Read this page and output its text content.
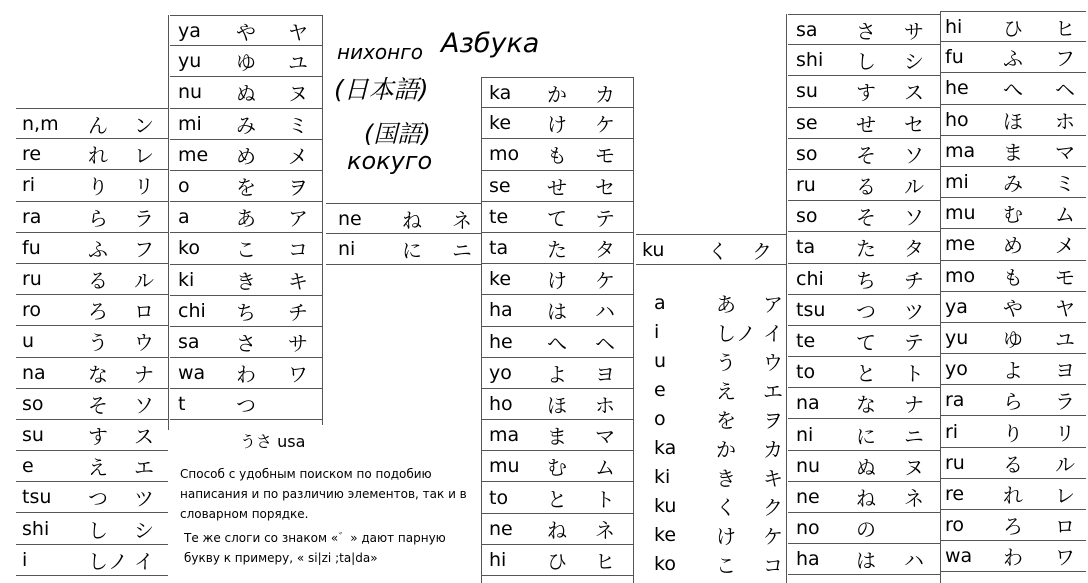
нихонго Азбука
(日本語)
(国語)
кокуго
n,m ん ン
re れ レ
ri	り リ
ra ら ラ
fu ふ フ
ru る ル
ro ろ ロ
u	う ウ
na な ナ
so そ ソ
su す ス
e	え エ
tsu つ ツ
shi し シ
i	しノ イ
ya や ヤ
yu ゆ ユ
nu ぬ ヌ
mi み ミ
me め メ
o を ヲ
a あ ア
ko こ コ
ki き キ
chi ち チ
sa さ サ
wa わ ワ
t	つ
ne ね ネ
ni に ニ
ka か カ
ke け ケ
mo も モ
se せ セ
te て テ
ta た タ
ke け ケ
ha は ハ
he へ ヘ
yo よ ヨ
ho ほ ホ
ma ま マ
mu む ム
to と ト
ne ね ネ
hi ひ ヒ
ku く ク
a	あ ア
i	しノ イ
u う ウ
e	え エ
o	を ヲ
ka か カ
ki き キ
ku く ク
ke け ケ
ko こ コ
sa さ サ
shi し シ
su す ス
se せ セ
so そ ソ
ru る ル
so そ ソ
ta た タ
chi ち チ
tsu つ ツ
te て テ
to と ト
na な ナ
ni に ニ
nu ぬ ヌ
ne ね ネ
no の
ha は ハ
hi ひ ヒ
fu ふ フ
he へ ヘ
ho ほ ホ
ma ま マ
mi み ミ
mu む ム
me め メ
mo も モ
ya や ヤ
yu ゆ ユ
yo よ ヨ
ra ら ラ
ri り リ
ru る ル
re れ レ
ro ろ ロ
wa わ ワ
うさ usa
Способ с удобным поиском по подобию написания и по различию элементов, так и в словарном порядке.
Те же слоги со знаком «゛» дают парную букву к примеру, « si|zi ;ta|da»
